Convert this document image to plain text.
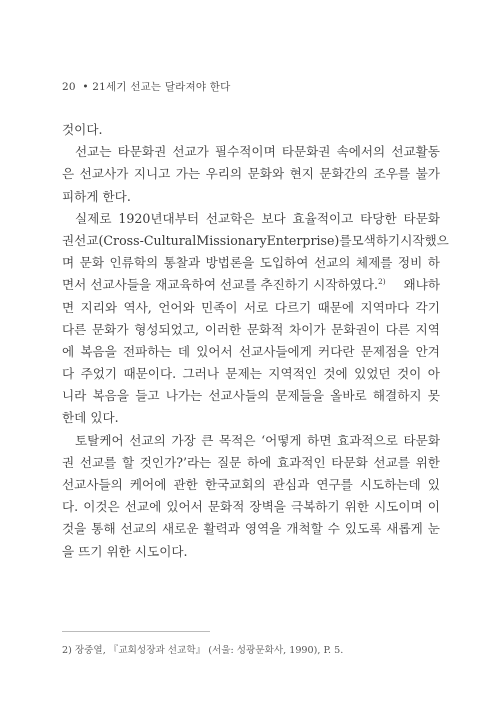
20 • 21세기 선교는 달라져야 한다
것이다.
선교는 타문화권 선교가 필수적이며 타문화권 속에서의 선교활동
은 선교사가 지니고 가는 우리의 문화와 현지 문화간의 조우를 불가
피하게 한다.
실제로 1920년대부터 선교학은 보다 효율적이고 타당한 타문화
권 선교(Cross-Cultural Missionary Enterprise)를 모색하기 시작했으
며 문화 인류학의 통찰과 방법론을 도입하여 선교의 체제를 정비 하
면서 선교사들을 재교육하여 선교를 추진하기 시작하였다.$^{2)}$ 왜냐하
면 지리와 역사, 언어와 민족이 서로 다르기 때문에 지역마다 각기
다른 문화가 형성되었고, 이러한 문화적 차이가 문화권이 다른 지역
에 복음을 전파하는 데 있어서 선교사들에게 커다란 문제점을 안겨
다 주었기 때문이다. 그러나 문제는 지역적인 것에 있었던 것이 아
니라 복음을 들고 나가는 선교사들의 문제들을 올바로 해결하지 못
한데 있다.
토탈케어 선교의 가장 큰 목적은 ‘어떻게 하면 효과적으로 타문화
권 선교를 할 것인가?’라는 질문 하에 효과적인 타문화 선교를 위한
선교사들의 케어에 관한 한국교회의 관심과 연구를 시도하는데 있
다. 이것은 선교에 있어서 문화적 장벽을 극복하기 위한 시도이며 이
것을 통해 선교의 새로운 활력과 영역을 개척할 수 있도록 새롭게 눈
을 뜨기 위한 시도이다.
2) 장중열, 『교회성장과 선교학』 (서울: 성광문화사, 1990), P. 5.
